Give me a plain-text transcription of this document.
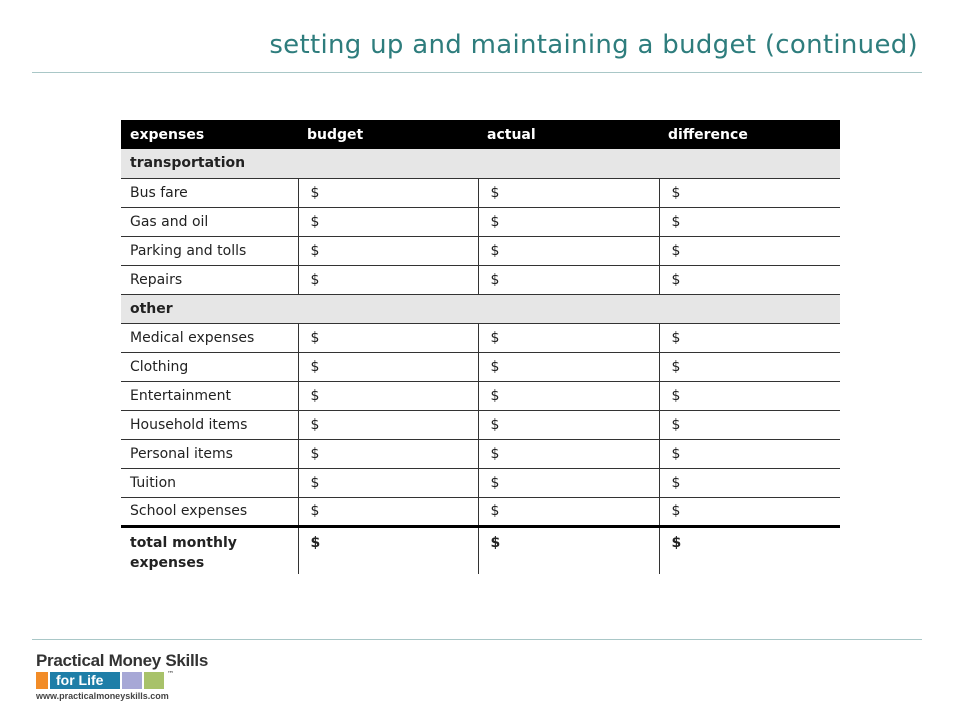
setting up and maintaining a budget (continued)
expenses	budget	actual	difference
transportation			
Bus fare	$	$	$
Gas and oil	$	$	$
Parking and tolls	$	$	$
Repairs	$	$	$
other			
Medical expenses	$	$	$
Clothing	$	$	$
Entertainment	$	$	$
Household items	$	$	$
Personal items	$	$	$
Tuition	$	$	$
School expenses	$	$	$
total monthly expenses	$	$	$
Practical Money Skills
for Life	™
www.practicalmoneyskills.com
